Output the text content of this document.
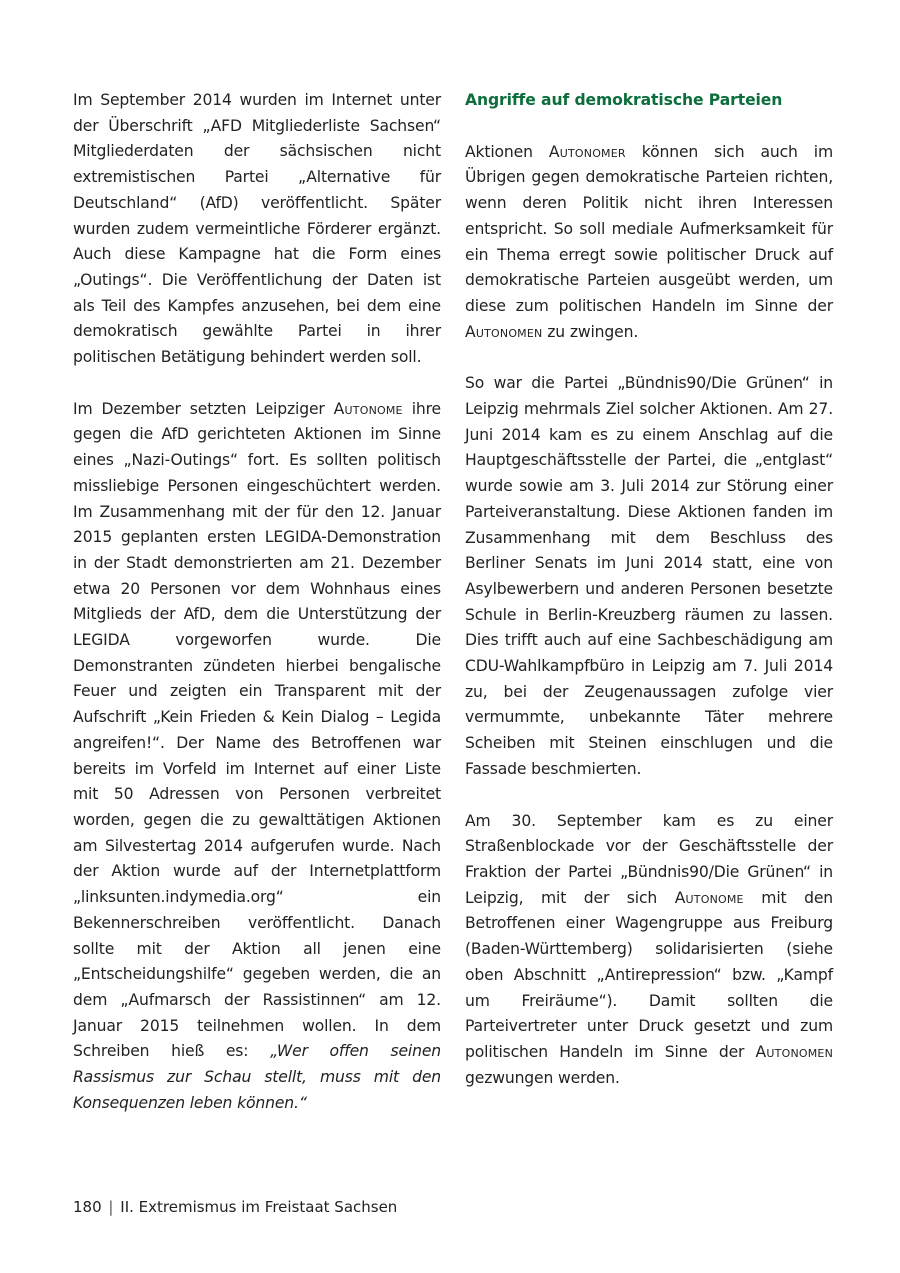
Im September 2014 wurden im Internet unter der Überschrift „AFD Mitgliederliste Sachsen“ Mitgliederdaten der sächsischen nicht extremistischen Partei „Alternative für Deutschland“ (AfD) veröffentlicht. Später wurden zudem vermeintliche Förderer ergänzt. Auch diese Kampagne hat die Form eines „Outings“. Die Veröffentlichung der Daten ist als Teil des Kampfes anzusehen, bei dem eine demokratisch gewählte Partei in ihrer politischen Betätigung behindert werden soll.

Im Dezember setzten Leipziger Autonome ihre gegen die AfD gerichteten Aktionen im Sinne eines „Nazi-Outings“ fort. Es sollten politisch missliebige Personen eingeschüchtert werden. Im Zusammenhang mit der für den 12. Januar 2015 geplanten ersten LEGIDA-Demonstration in der Stadt demonstrierten am 21. Dezember etwa 20 Personen vor dem Wohnhaus eines Mitglieds der AfD, dem die Unterstützung der LEGIDA vorgeworfen wurde. Die Demonstranten zündeten hierbei bengalische Feuer und zeigten ein Transparent mit der Aufschrift „Kein Frieden & Kein Dialog – Legida angreifen!“. Der Name des Betroffenen war bereits im Vorfeld im Internet auf einer Liste mit 50 Adressen von Personen verbreitet worden, gegen die zu gewalttätigen Aktionen am Silvestertag 2014 aufgerufen wurde. Nach der Aktion wurde auf der Internetplattform „linksunten.indymedia.org“ ein Bekennerschreiben veröffentlicht. Danach sollte mit der Aktion all jenen eine „Entscheidungshilfe“ gegeben werden, die an dem „Aufmarsch der Rassistinnen“ am 12. Januar 2015 teilnehmen wollen. In dem Schreiben hieß es: „Wer offen seinen Rassismus zur Schau stellt, muss mit den Konsequenzen leben können.“

Angriffe auf demokratische Parteien

Aktionen Autonomer können sich auch im Übrigen gegen demokratische Parteien richten, wenn deren Politik nicht ihren Interessen entspricht. So soll mediale Aufmerksamkeit für ein Thema erregt sowie politischer Druck auf demokratische Parteien ausgeübt werden, um diese zum politischen Handeln im Sinne der Autonomen zu zwingen.

So war die Partei „Bündnis90/Die Grünen“ in Leipzig mehrmals Ziel solcher Aktionen. Am 27. Juni 2014 kam es zu einem Anschlag auf die Hauptgeschäftsstelle der Partei, die „entglast“ wurde sowie am 3. Juli 2014 zur Störung einer Parteiveranstaltung. Diese Aktionen fanden im Zusammenhang mit dem Beschluss des Berliner Senats im Juni 2014 statt, eine von Asylbewerbern und anderen Personen besetzte Schule in Berlin-Kreuzberg räumen zu lassen. Dies trifft auch auf eine Sachbeschädigung am CDU-Wahlkampfbüro in Leipzig am 7. Juli 2014 zu, bei der Zeugenaussagen zufolge vier vermummte, unbekannte Täter mehrere Scheiben mit Steinen einschlugen und die Fassade beschmierten.

Am 30. September kam es zu einer Straßenblockade vor der Geschäftsstelle der Fraktion der Partei „Bündnis90/Die Grünen“ in Leipzig, mit der sich Autonome mit den Betroffenen einer Wagengruppe aus Freiburg (Baden-Württemberg) solidarisierten (siehe oben Abschnitt „Antirepression“ bzw. „Kampf um Freiräume“). Damit sollten die Parteivertreter unter Druck gesetzt und zum politischen Handeln im Sinne der Autonomen gezwungen werden.

180 | II. Extremismus im Freistaat Sachsen
